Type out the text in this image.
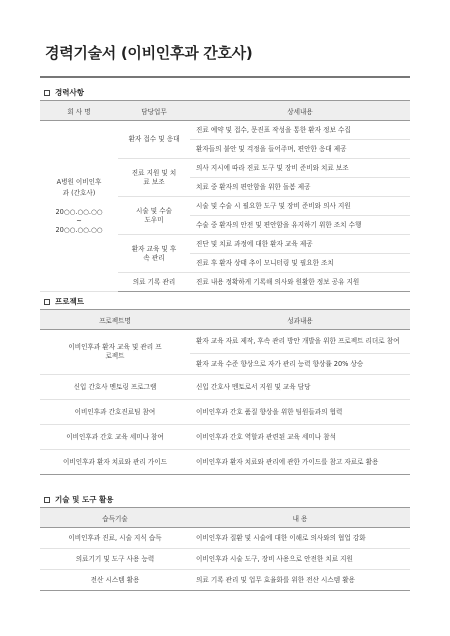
경력기술서 (이비인후과 간호사)
경력사항
회 사 명	담당업무	상세내용

A병원 이비인후과 (간호사)
20○○.○○.○○
~
20○○.○○.○○	환자 접수 및 응대	진료 예약 및 접수, 문진표 작성을 통한 환자 정보 수집
		환자들의 불안 및 걱정을 들어주며, 편안한 응대 제공

	진료 지원 및 치료 보조	의사 지시에 따라 진료 도구 및 장비 준비와 치료 보조
		치료 중 환자의 편안함을 위한 돌봄 제공

	시술 및 수술 도우미	시술 및 수술 시 필요한 도구 및 장비 준비와 의사 지원
		수술 중 환자의 안전 및 편안함을 유지하기 위한 조치 수행

	환자 교육 및 후속 관리	진단 및 치료 과정에 대한 환자 교육 제공
		진료 후 환자 상태 추이 모니터링 및 필요한 조치
	의료 기록 관리	진료 내용 정확하게 기록해 의사와 원활한 정보 공유 지원
프로젝트
프로젝트명	성과내용

이비인후과 환자 교육 및 관리 프로젝트	환자 교육 자료 제작, 후속 관리 방안 개발을 위한 프로젝트 리더로 참여
	환자 교육 수준 향상으로 자가 관리 능력 향상률 20% 상승
신입 간호사 멘토링 프로그램	신입 간호사 멘토로서 지원 및 교육 담당
이비인후과 간호진료팀 참여	이비인후과 간호 품질 향상을 위한 팀원들과의 협력
이비인후과 간호 교육 세미나 참여	이비인후과 간호 역할과 관련된 교육 세미나 참석
이비인후과 환자 치료와 관리 가이드	이비인후과 환자 치료와 관리에 관한 가이드를 참고 자료로 활용
기술 및 도구 활용
습득기술	내 용
이비인후과 진료, 시술 지식 습득	이비인후과 질환 및 시술에 대한 이해로 의사와의 협업 강화
의료기기 및 도구 사용 능력	이비인후과 시술 도구, 장비 사용으로 안전한 치료 지원
전산 시스템 활용	의료 기록 관리 및 업무 효율화를 위한 전산 시스템 활용
